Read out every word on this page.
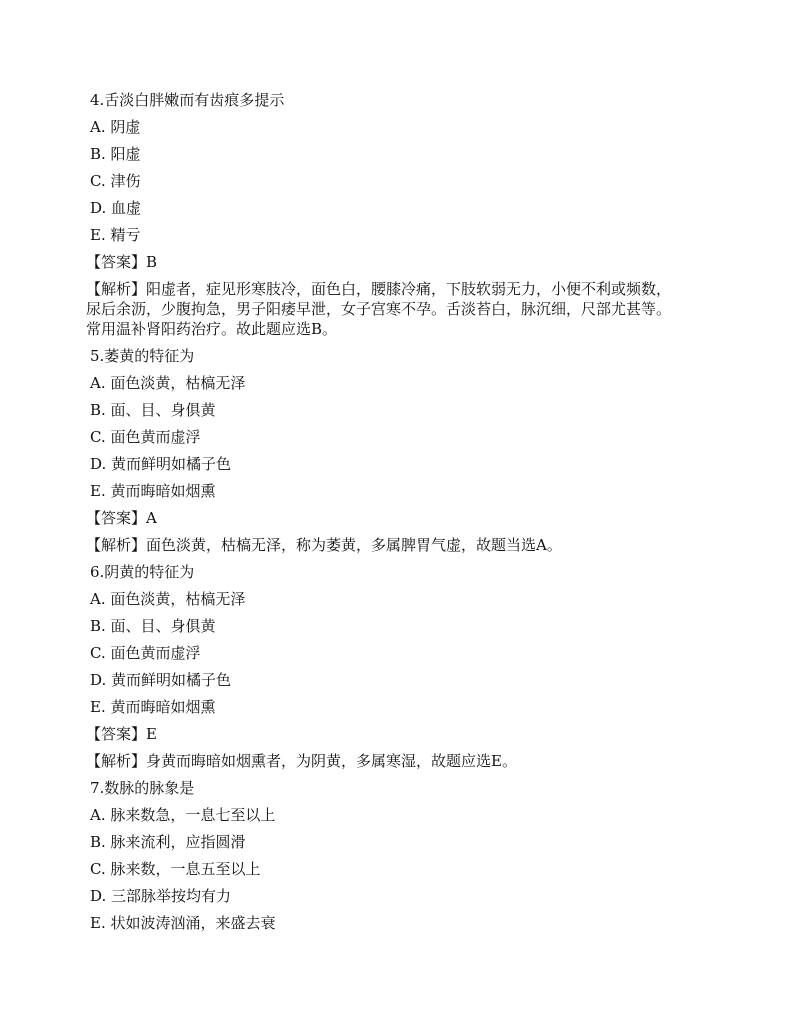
4.舌淡白胖嫩而有齿痕多提示
A. 阴虚
B. 阳虚
C. 津伤
D. 血虚
E. 精亏
【答案】B
【解析】阳虚者，症见形寒肢冷，面色白，腰膝冷痛，下肢软弱无力，小便不利或频数，
尿后余沥，少腹拘急，男子阳痿早泄，女子宫寒不孕。舌淡苔白，脉沉细，尺部尤甚等。
常用温补肾阳药治疗。故此题应选B。
5.萎黄的特征为
A. 面色淡黄，枯槁无泽
B. 面、目、身俱黄
C. 面色黄而虚浮
D. 黄而鲜明如橘子色
E. 黄而晦暗如烟熏
【答案】A
【解析】面色淡黄，枯槁无泽，称为萎黄，多属脾胃气虚，故题当选A。
6.阴黄的特征为
A. 面色淡黄，枯槁无泽
B. 面、目、身俱黄
C. 面色黄而虚浮
D. 黄而鲜明如橘子色
E. 黄而晦暗如烟熏
【答案】E
【解析】身黄而晦暗如烟熏者，为阴黄，多属寒湿，故题应选E。
7.数脉的脉象是
A. 脉来数急，一息七至以上
B. 脉来流利，应指圆滑
C. 脉来数，一息五至以上
D. 三部脉举按均有力
E. 状如波涛汹涌，来盛去衰
